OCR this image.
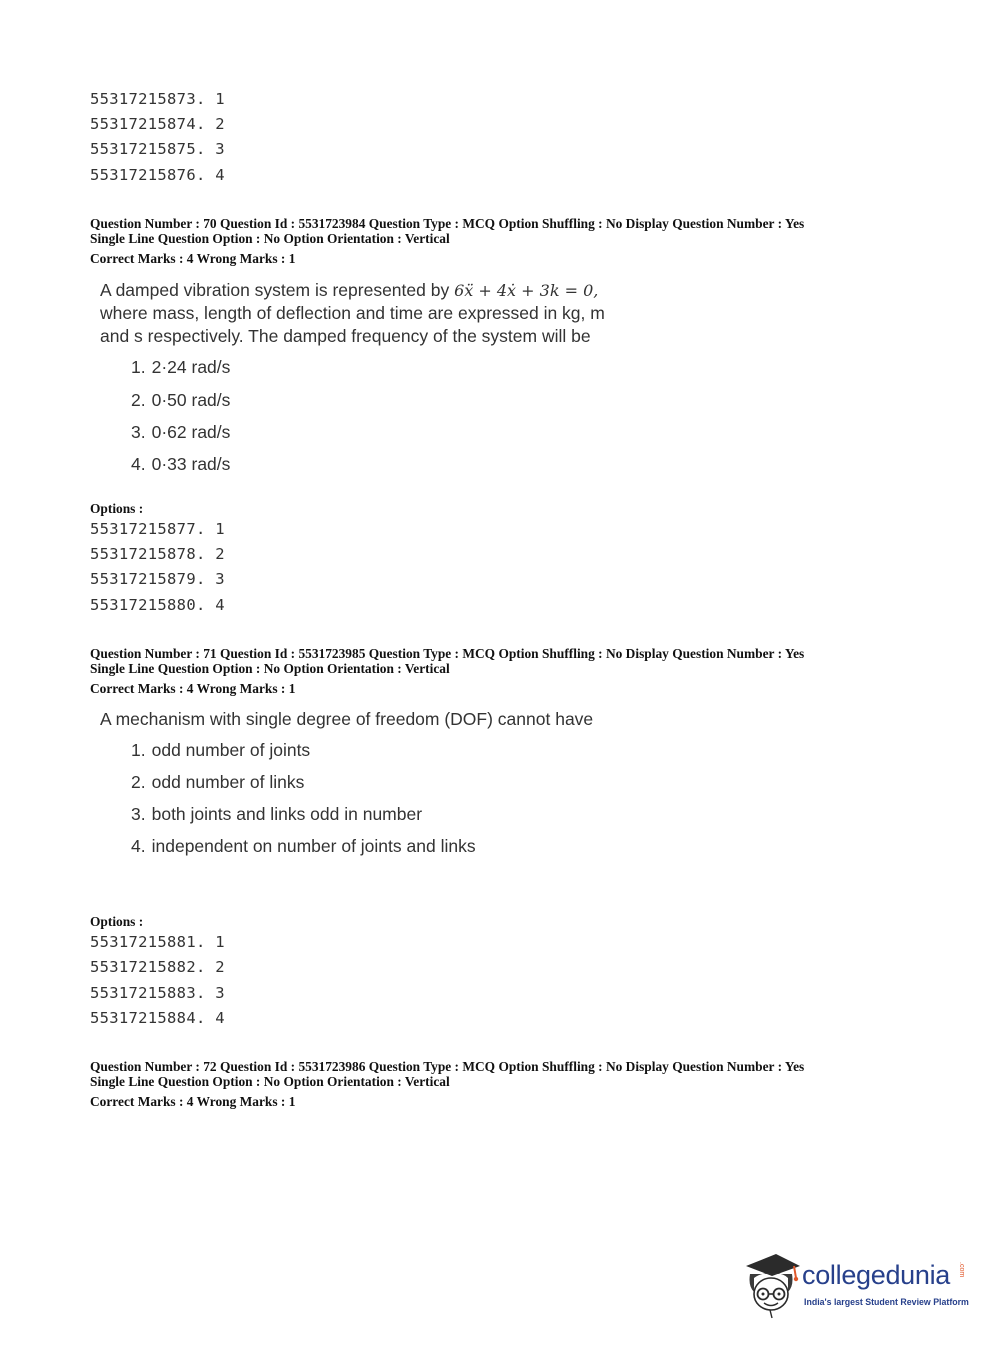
55317215873. 1
55317215874. 2
55317215875. 3
55317215876. 4
Question Number : 70 Question Id : 5531723984 Question Type : MCQ Option Shuffling : No Display Question Number : Yes
Single Line Question Option : No Option Orientation : Vertical
Correct Marks : 4 Wrong Marks : 1
A damped vibration system is represented by 6ẍ + 4ẋ + 3k = 0,
where mass, length of deflection and time are expressed in kg, m
and s respectively. The damped frequency of the system will be
1. 2·24 rad/s
2. 0·50 rad/s
3. 0·62 rad/s
4. 0·33 rad/s
Options :
55317215877. 1
55317215878. 2
55317215879. 3
55317215880. 4
Question Number : 71 Question Id : 5531723985 Question Type : MCQ Option Shuffling : No Display Question Number : Yes
Single Line Question Option : No Option Orientation : Vertical
Correct Marks : 4 Wrong Marks : 1
A mechanism with single degree of freedom (DOF) cannot have
1. odd number of joints
2. odd number of links
3. both joints and links odd in number
4. independent on number of joints and links
Options :
55317215881. 1
55317215882. 2
55317215883. 3
55317215884. 4
Question Number : 72 Question Id : 5531723986 Question Type : MCQ Option Shuffling : No Display Question Number : Yes
Single Line Question Option : No Option Orientation : Vertical
Correct Marks : 4 Wrong Marks : 1
collegedunia .com
India's largest Student Review Platform
